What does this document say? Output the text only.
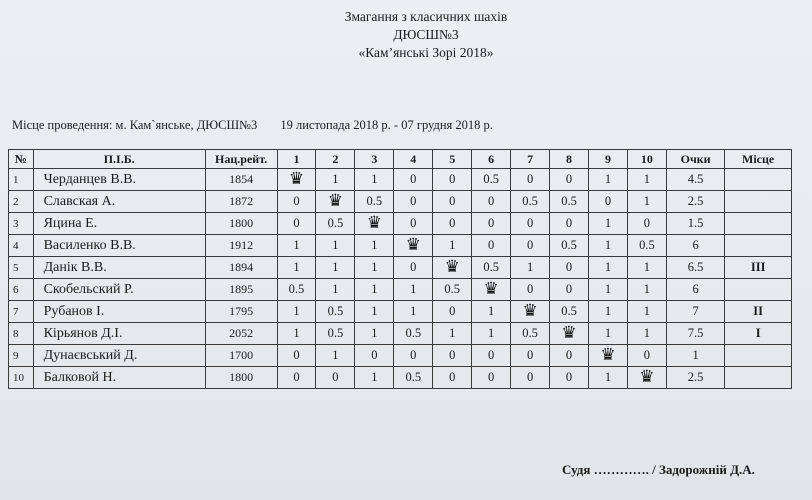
Змагання з класичних шахів
ДЮСШ№3
«Кам’янські Зорі 2018»
Місце проведення: м. Кам`янське, ДЮСШ№3 19 листопада 2018 р. - 07 грудня 2018 р.
№	П.І.Б.	Нац.рейт.	1	2	3	4	5	6	7	8	9	10	Очки	Місце
1	Черданцев В.В.	1854	♛	1	1	0	0	0.5	0	0	1	1	4.5	
2	Славская А.	1872	0	♛	0.5	0	0	0	0.5	0.5	0	1	2.5	
3	Яцина Е.	1800	0	0.5	♛	0	0	0	0	0	1	0	1.5	
4	Василенко В.В.	1912	1	1	1	♛	1	0	0	0.5	1	0.5	6	
5	Данік В.В.	1894	1	1	1	0	♛	0.5	1	0	1	1	6.5	III
6	Скобельский Р.	1895	0.5	1	1	1	0.5	♛	0	0	1	1	6	
7	Рубанов І.	1795	1	0.5	1	1	0	1	♛	0.5	1	1	7	II
8	Кірьянов Д.І.	2052	1	0.5	1	0.5	1	1	0.5	♛	1	1	7.5	I
9	Дунаєвський Д.	1700	0	1	0	0	0	0	0	0	♛	0	1	
10	Балковой Н.	1800	0	0	1	0.5	0	0	0	0	1	♛	2.5	
Судя …………. / Задорожній Д.А.
